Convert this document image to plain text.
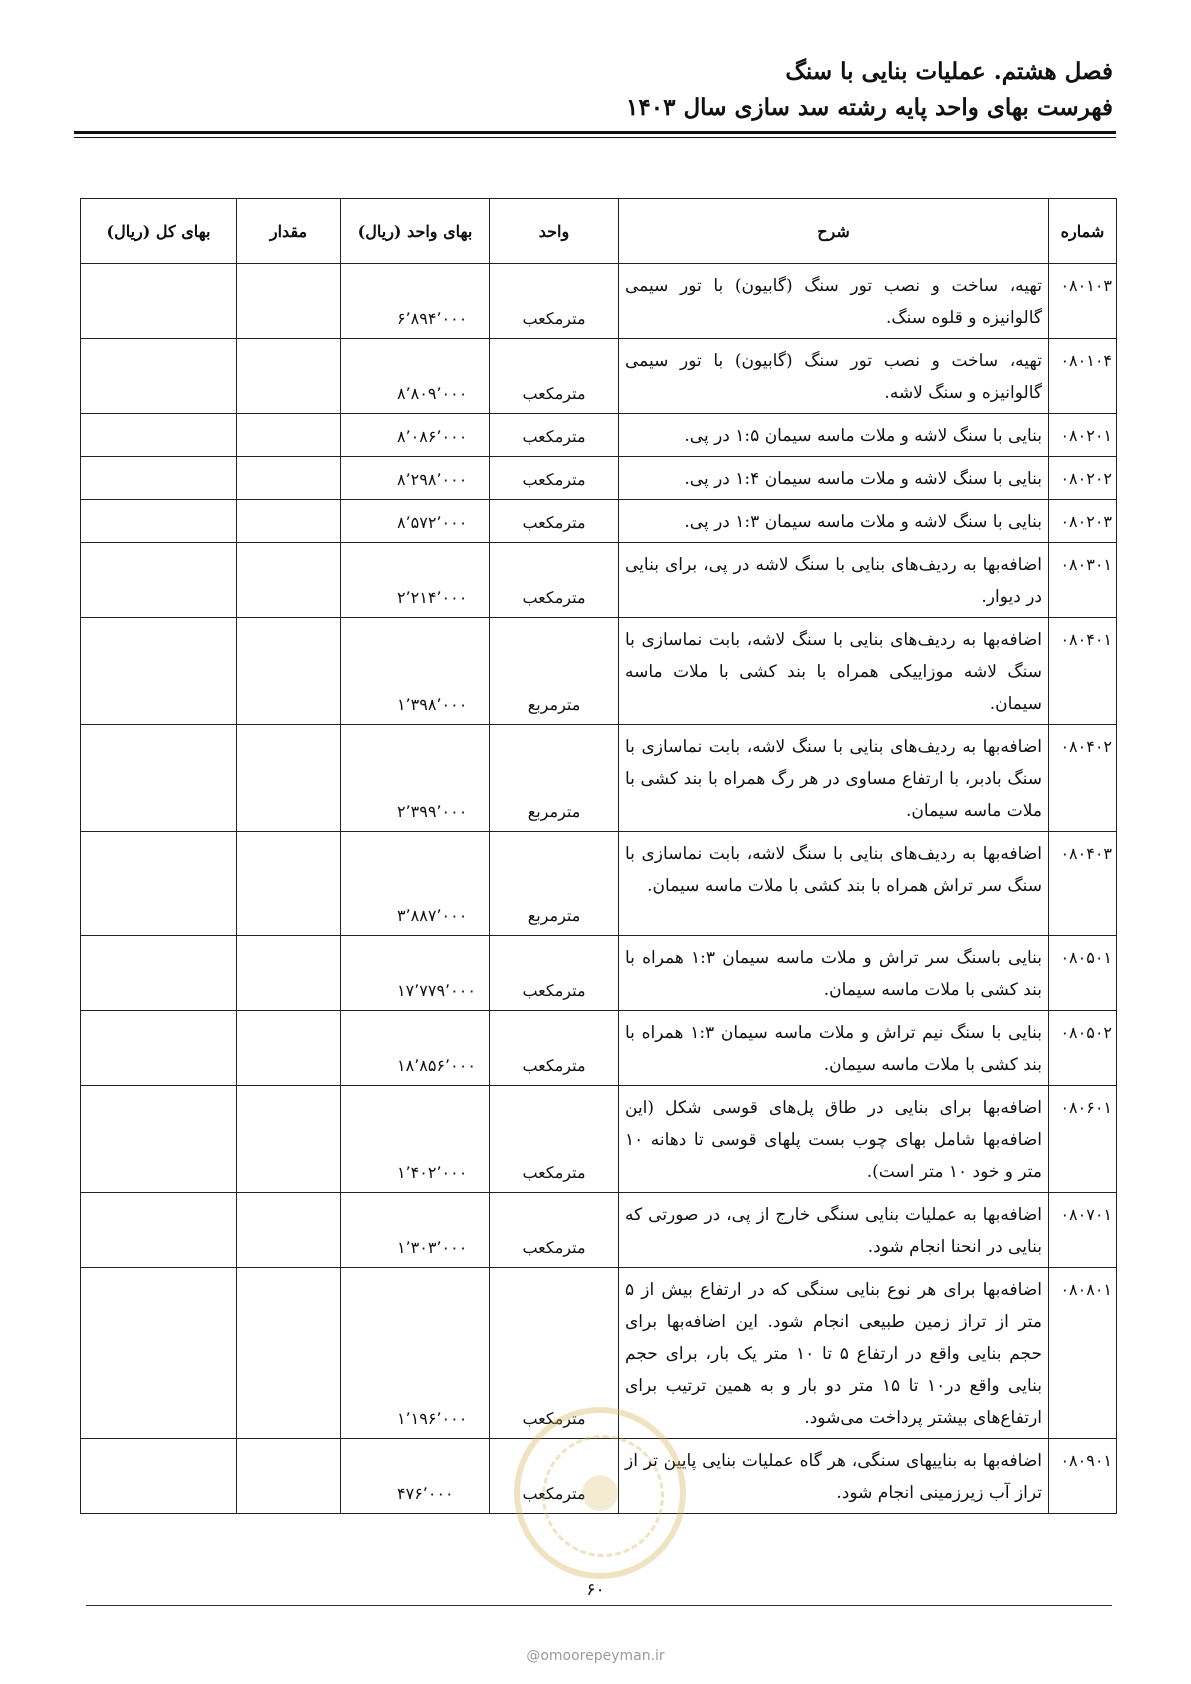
فصل هشتم. عملیات بنایی با سنگ
فهرست بهای واحد پایه رشته سد سازی سال ۱۴۰۳
شماره	شرح	واحد	بهای واحد (ریال)	مقدار	بهای کل (ریال)
۰۸۰۱۰۳	تهیه، ساخت و نصب تور سنگ (گابیون) با تور سیمی گالوانیزه و قلوه سنگ.	مترمکعب	۶٬۸۹۴٬۰۰۰		
۰۸۰۱۰۴	تهیه، ساخت و نصب تور سنگ (گابیون) با تور سیمی گالوانیزه و سنگ لاشه.	مترمکعب	۸٬۸۰۹٬۰۰۰		
۰۸۰۲۰۱	بنایی با سنگ لاشه و ملات ماسه سیمان ۱:۵ در پی.	مترمکعب	۸٬۰۸۶٬۰۰۰		
۰۸۰۲۰۲	بنایی با سنگ لاشه و ملات ماسه سیمان ۱:۴ در پی.	مترمکعب	۸٬۲۹۸٬۰۰۰		
۰۸۰۲۰۳	بنایی با سنگ لاشه و ملات ماسه سیمان ۱:۳ در پی.	مترمکعب	۸٬۵۷۲٬۰۰۰		
۰۸۰۳۰۱	اضافه‌بها به ردیف‌های بنایی با سنگ لاشه در پی، برای بنایی در دیوار.	مترمکعب	۲٬۲۱۴٬۰۰۰		
۰۸۰۴۰۱	اضافه‌بها به ردیف‌های بنایی با سنگ لاشه، بابت نماسازی با سنگ لاشه موزاییکی همراه با بند کشی با ملات ماسه سیمان.	مترمربع	۱٬۳۹۸٬۰۰۰		
۰۸۰۴۰۲	اضافه‌بها به ردیف‌های بنایی با سنگ لاشه، بابت نماسازی با سنگ بادبر، با ارتفاع مساوی در هر رگ همراه با بند کشی با ملات ماسه سیمان.	مترمربع	۲٬۳۹۹٬۰۰۰		
۰۸۰۴۰۳	اضافه‌بها به ردیف‌های بنایی با سنگ لاشه، بابت نماسازی با سنگ سر تراش همراه با بند کشی با ملات ماسه سیمان.	مترمربع	۳٬۸۸۷٬۰۰۰		
۰۸۰۵۰۱	بنایی باسنگ سر تراش و ملات ماسه سیمان ۱:۳ همراه با بند کشی با ملات ماسه سیمان.	مترمکعب	۱۷٬۷۷۹٬۰۰۰		
۰۸۰۵۰۲	بنایی با سنگ نیم تراش و ملات ماسه سیمان ۱:۳ همراه با بند کشی با ملات ماسه سیمان.	مترمکعب	۱۸٬۸۵۶٬۰۰۰		
۰۸۰۶۰۱	اضافه‌بها برای بنایی در طاق پل‌های قوسی شکل (این اضافه‌بها شامل بهای چوب بست پلهای قوسی تا دهانه ۱۰ متر و خود ۱۰ متر است).	مترمکعب	۱٬۴۰۲٬۰۰۰		
۰۸۰۷۰۱	اضافه‌بها به عملیات بنایی سنگی خارج از پی، در صورتی که بنایی در انحنا انجام شود.	مترمکعب	۱٬۳۰۳٬۰۰۰		
۰۸۰۸۰۱	اضافه‌بها برای هر نوع بنایی سنگی که در ارتفاع بیش از ۵ متر از تراز زمین طبیعی انجام شود. این اضافه‌بها برای حجم بنایی واقع در ارتفاع ۵ تا ۱۰ متر یک بار، برای حجم بنایی واقع در۱۰ تا ۱۵ متر دو بار و به همین ترتیب برای ارتفاع‌های بیشتر پرداخت می‌شود.	مترمکعب	۱٬۱۹۶٬۰۰۰		
۰۸۰۹۰۱	اضافه‌بها به بناییهای سنگی، هر گاه عملیات بنایی پایین تر از تراز آب زیرزمینی انجام شود.	مترمکعب	۴۷۶٬۰۰۰		
۶۰
@omoorepeyman.ir
